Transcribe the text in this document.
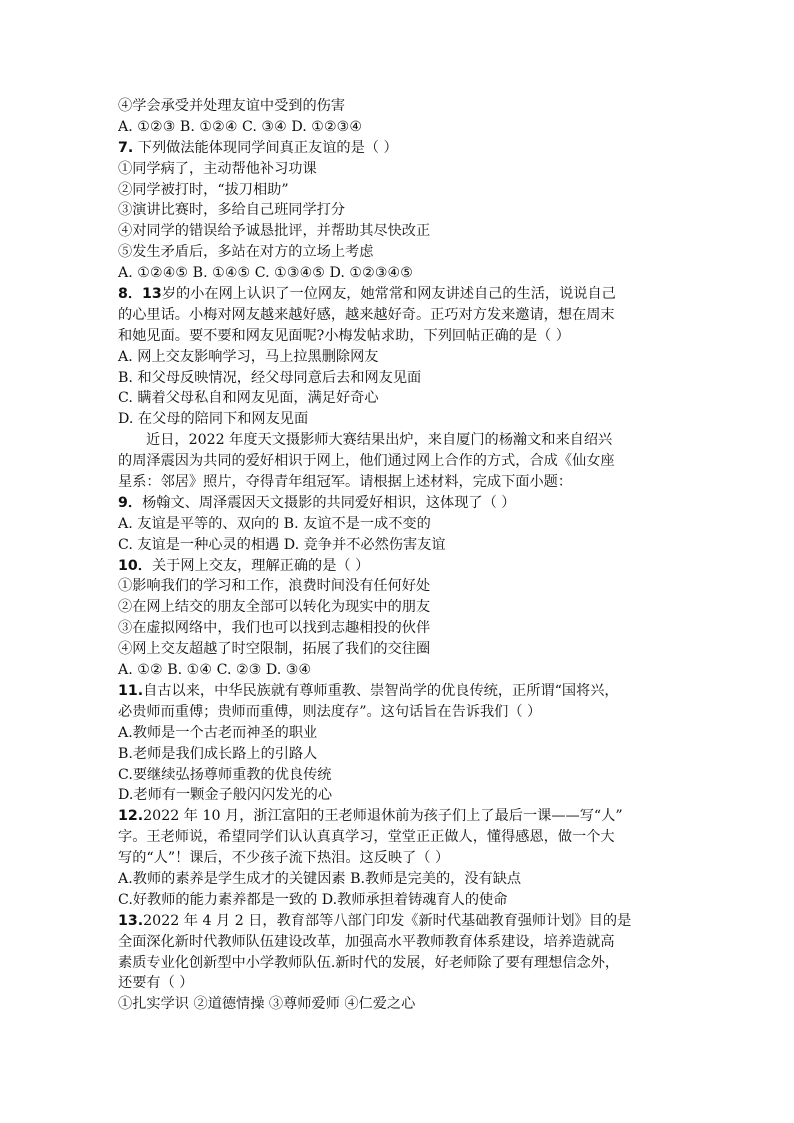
④学会承受并处理友谊中受到的伤害
A. ①②③ B. ①②④ C. ③④ D. ①②③④
7. 下列做法能体现同学间真正友谊的是（ ）
①同学病了，主动帮他补习功课
②同学被打时，“拔刀相助”
③演讲比赛时，多给自己班同学打分
④对同学的错误给予诚恳批评，并帮助其尽快改正
⑤发生矛盾后，多站在对方的立场上考虑
A. ①②④⑤ B. ①④⑤ C. ①③④⑤ D. ①②③④⑤
8．13岁的小在网上认识了一位网友，她常常和网友讲述自己的生活，说说自己
的心里话。小梅对网友越来越好感，越来越好奇。正巧对方发来邀请，想在周末
和她见面。要不要和网友见面呢?小梅发帖求助，下列回帖正确的是（ ）
A. 网上交友影响学习，马上拉黑删除网友
B. 和父母反映情况，经父母同意后去和网友见面
C. 瞒着父母私自和网友见面，满足好奇心
D. 在父母的陪同下和网友见面
近日，2022 年度天文摄影师大赛结果出炉，来自厦门的杨瀚文和来自绍兴
的周泽震因为共同的爱好相识于网上，他们通过网上合作的方式，合成《仙女座
星系：邻居》照片，夺得青年组冠军。请根据上述材料，完成下面小题：
9．杨翰文、周泽震因天文摄影的共同爱好相识，这体现了（ ）
A. 友谊是平等的、双向的 B. 友谊不是一成不变的
C. 友谊是一种心灵的相遇 D. 竞争并不必然伤害友谊
10．关于网上交友，理解正确的是（ ）
①影响我们的学习和工作，浪费时间没有任何好处
②在网上结交的朋友全部可以转化为现实中的朋友
③在虚拟网络中，我们也可以找到志趣相投的伙伴
④网上交友超越了时空限制，拓展了我们的交往圈
A. ①② B. ①④ C. ②③ D. ③④
11.自古以来，中华民族就有尊师重教、崇智尚学的优良传统，正所谓“国将兴，
必贵师而重傅；贵师而重傅，则法度存”。这句话旨在告诉我们（ ）
A.教师是一个古老而神圣的职业
B.老师是我们成长路上的引路人
C.要继续弘扬尊师重教的优良传统
D.老师有一颗金子般闪闪发光的心
12.2022 年 10 月，浙江富阳的王老师退休前为孩子们上了最后一课——写“人”
字。王老师说，希望同学们认认真真学习，堂堂正正做人，懂得感恩，做一个大
写的“人”！课后，不少孩子流下热泪。这反映了（ ）
A.教师的素养是学生成才的关键因素 B.教师是完美的，没有缺点
C.好教师的能力素养都是一致的 D.教师承担着铸魂育人的使命
13.2022 年 4 月 2 日，教育部等八部门印发《新时代基础教育强师计划》目的是
全面深化新时代教师队伍建设改革，加强高水平教师教育体系建设，培养造就高
素质专业化创新型中小学教师队伍.新时代的发展，好老师除了要有理想信念外，
还要有（ ）
①扎实学识 ②道德情操 ③尊师爱师 ④仁爱之心
